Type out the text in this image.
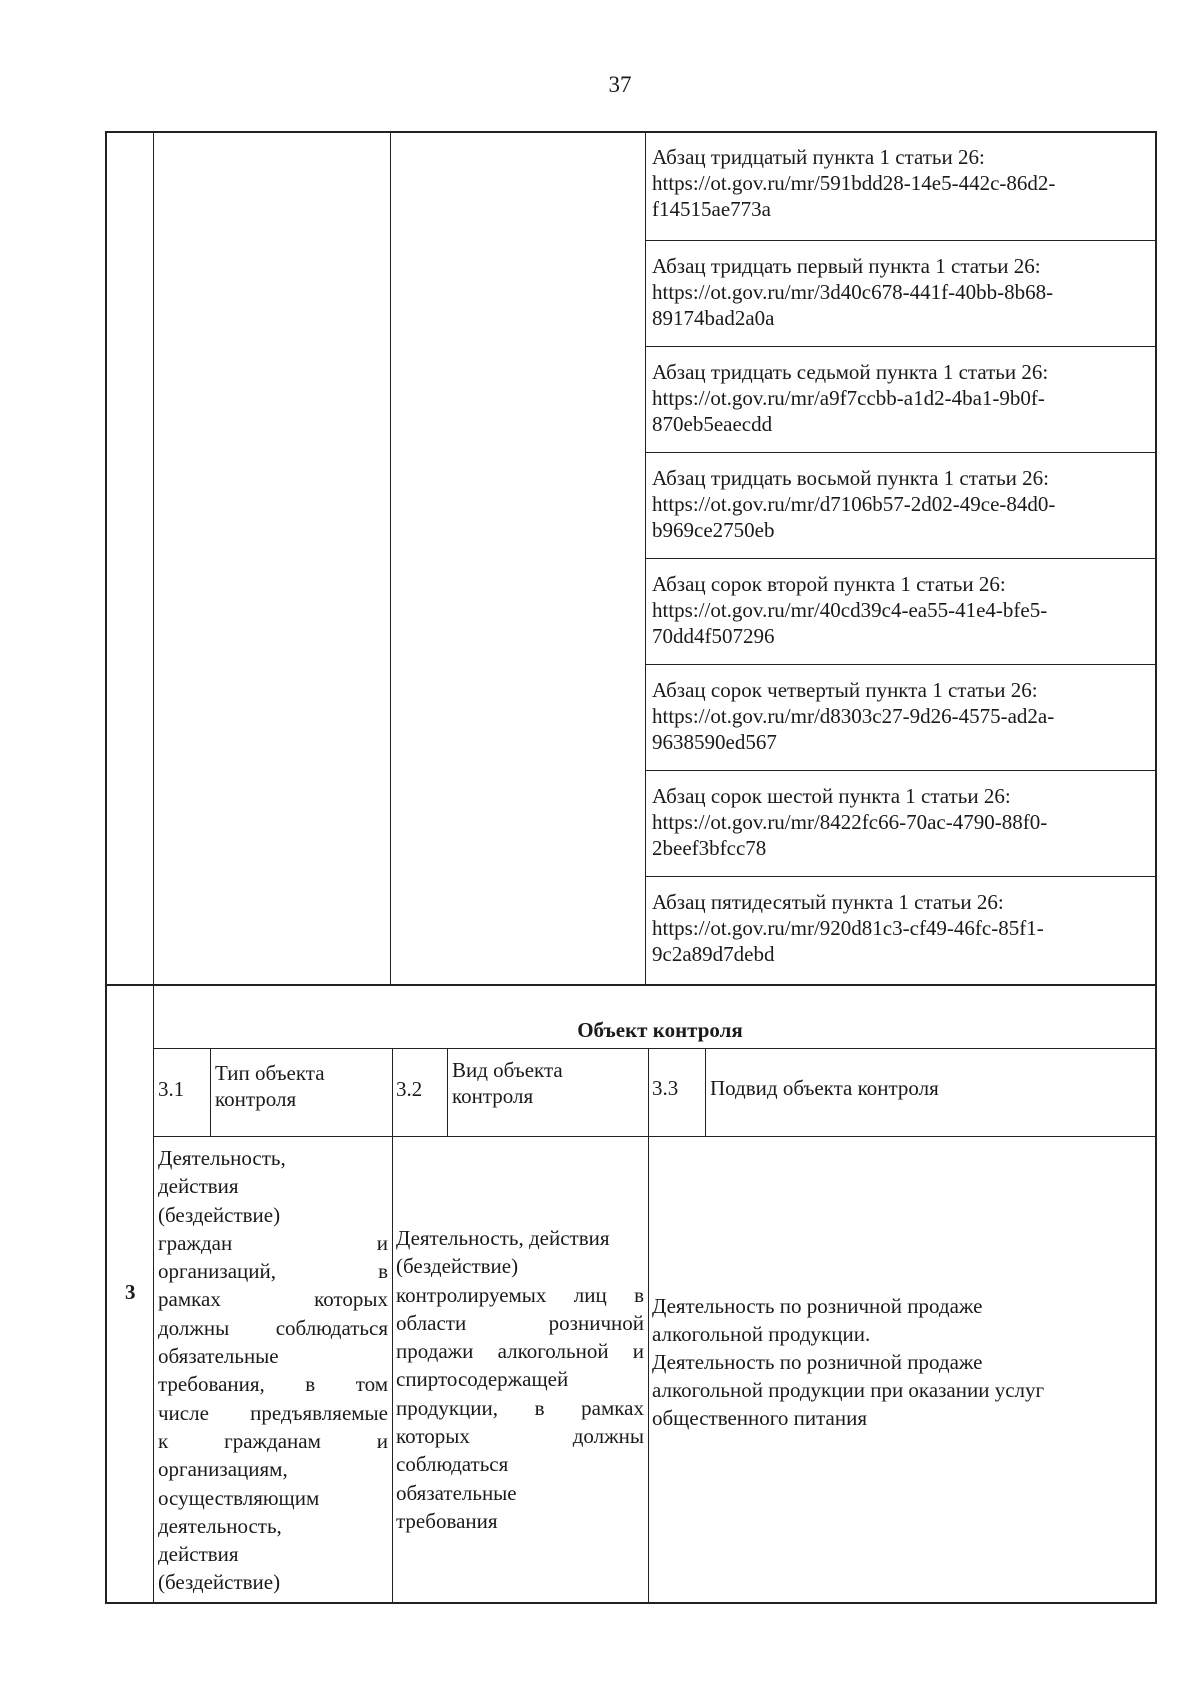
37
Абзац тридцатый пункта 1 статьи 26:
https://ot.gov.ru/mr/591bdd28-14e5-442c-86d2-
f14515ae773a
Абзац тридцать первый пункта 1 статьи 26:
https://ot.gov.ru/mr/3d40c678-441f-40bb-8b68-
89174bad2a0a
Абзац тридцать седьмой пункта 1 статьи 26:
https://ot.gov.ru/mr/a9f7ccbb-a1d2-4ba1-9b0f-
870eb5eaecdd
Абзац тридцать восьмой пункта 1 статьи 26:
https://ot.gov.ru/mr/d7106b57-2d02-49ce-84d0-
b969ce2750eb
Абзац сорок второй пункта 1 статьи 26:
https://ot.gov.ru/mr/40cd39c4-ea55-41e4-bfe5-
70dd4f507296
Абзац сорок четвертый пункта 1 статьи 26:
https://ot.gov.ru/mr/d8303c27-9d26-4575-ad2a-
9638590ed567
Абзац сорок шестой пункта 1 статьи 26:
https://ot.gov.ru/mr/8422fc66-70ac-4790-88f0-
2beef3bfcc78
Абзац пятидесятый пункта 1 статьи 26:
https://ot.gov.ru/mr/920d81c3-cf49-46fc-85f1-
9c2a89d7debd
Объект контроля
3
3.1
Тип объекта
контроля	3.2
Вид объекта
контроля	3.3 Подвид объекта контроля
Деятельность,
действия
(бездействие)
граждан и
организаций, в
рамках которых
должны соблюдаться
обязательные
требования, в том
числе предъявляемые
к гражданам и
организациям,
осуществляющим
деятельность,
действия
(бездействие)
Деятельность, действия
(бездействие)
контролируемых лиц в
области розничной
продажи алкогольной и
спиртосодержащей
продукции, в рамках
которых должны
соблюдаться
обязательные
требования
Деятельность по розничной продаже
алкогольной продукции.
Деятельность по розничной продаже
алкогольной продукции при оказании услуг
общественного питания
